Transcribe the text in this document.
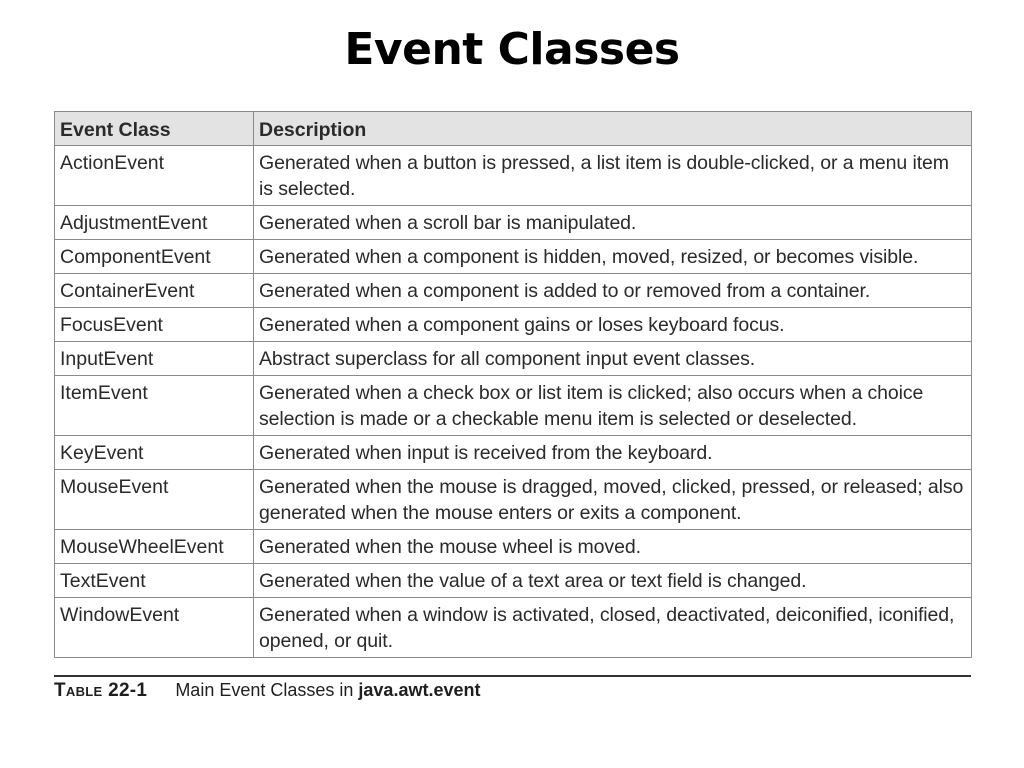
Event Classes
Event Class	Description
ActionEvent	Generated when a button is pressed, a list item is double-clicked, or a menu item is selected.
AdjustmentEvent	Generated when a scroll bar is manipulated.
ComponentEvent	Generated when a component is hidden, moved, resized, or becomes visible.
ContainerEvent	Generated when a component is added to or removed from a container.
FocusEvent	Generated when a component gains or loses keyboard focus.
InputEvent	Abstract superclass for all component input event classes.
ItemEvent	Generated when a check box or list item is clicked; also occurs when a choice selection is made or a checkable menu item is selected or deselected.
KeyEvent	Generated when input is received from the keyboard.
MouseEvent	Generated when the mouse is dragged, moved, clicked, pressed, or released; also generated when the mouse enters or exits a component.
MouseWheelEvent	Generated when the mouse wheel is moved.
TextEvent	Generated when the value of a text area or text field is changed.
WindowEvent	Generated when a window is activated, closed, deactivated, deiconified, iconified, opened, or quit.
Table 22-1 Main Event Classes in java.awt.event
